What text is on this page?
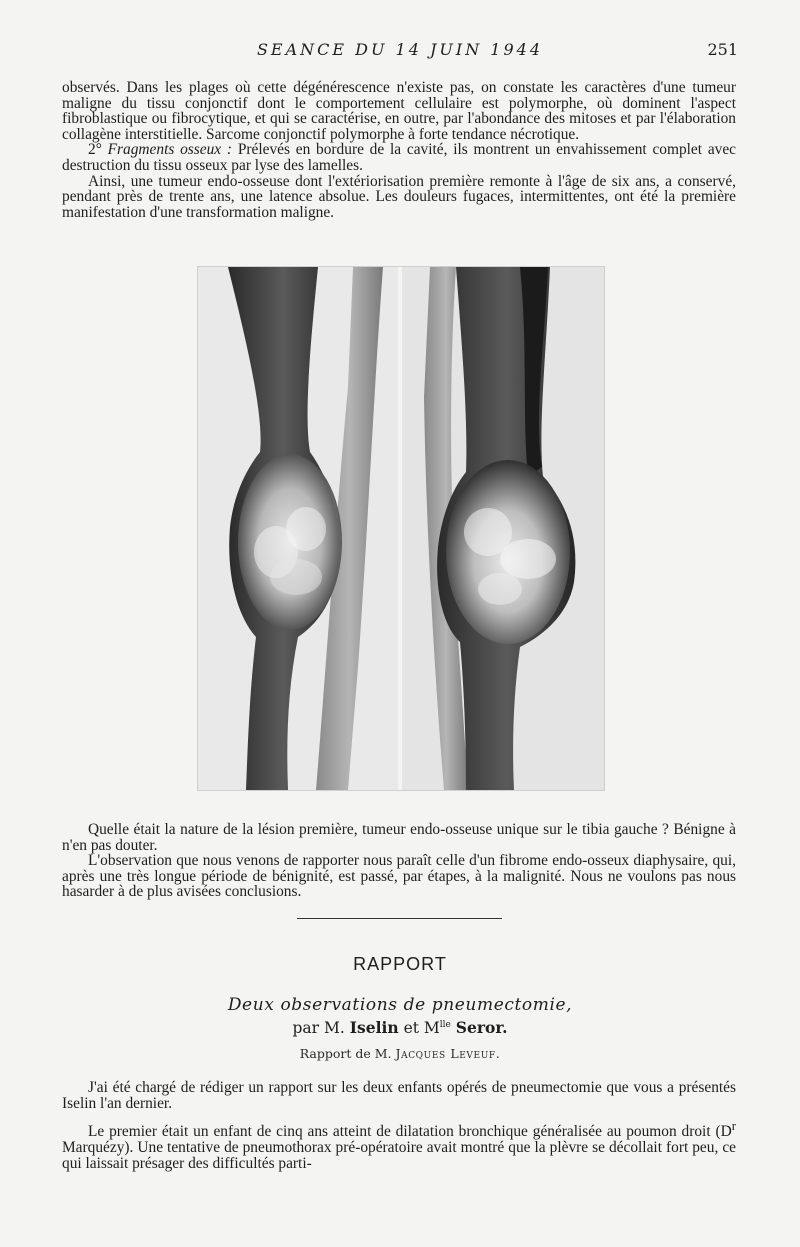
SEANCE DU 14 JUIN 1944	251

observés. Dans les plages où cette dégénérescence n'existe pas, on constate les caractères d'une tumeur maligne du tissu conjonctif dont le comportement cellulaire est polymorphe, où dominent l'aspect fibroblastique ou fibrocytique, et qui se caractérise, en outre, par l'abondance des mitoses et par l'élaboration collagène interstitielle. Sarcome conjonctif polymorphe à forte tendance nécrotique.

2° Fragments osseux : Prélevés en bordure de la cavité, ils montrent un envahissement complet avec destruction du tissu osseux par lyse des lamelles.

Ainsi, une tumeur endo-osseuse dont l'extériorisation première remonte à l'âge de six ans, a conservé, pendant près de trente ans, une latence absolue. Les douleurs fugaces, intermittentes, ont été la première manifestation d'une transformation maligne.

Quelle était la nature de la lésion première, tumeur endo-osseuse unique sur le tibia gauche ? Bénigne à n'en pas douter.

L'observation que nous venons de rapporter nous paraît celle d'un fibrome endo-osseux diaphysaire, qui, après une très longue période de bénignité, est passé, par étapes, à la malignité. Nous ne voulons pas nous hasarder à de plus avisées conclusions.

RAPPORT
Deux observations de pneumectomie,
par M. Iselin et $M^{lle}$ Seror.
Rapport de M. Jacques Leveuf.

J'ai été chargé de rédiger un rapport sur les deux enfants opérés de pneumectomie que vous a présentés Iselin l'an dernier.

Le premier était un enfant de cinq ans atteint de dilatation bronchique généralisée au poumon droit ($D^r$ Marquézy). Une tentative de pneumothorax pré-opératoire avait montré que la plèvre se décollait fort peu, ce qui laissait présager des difficultés parti-
